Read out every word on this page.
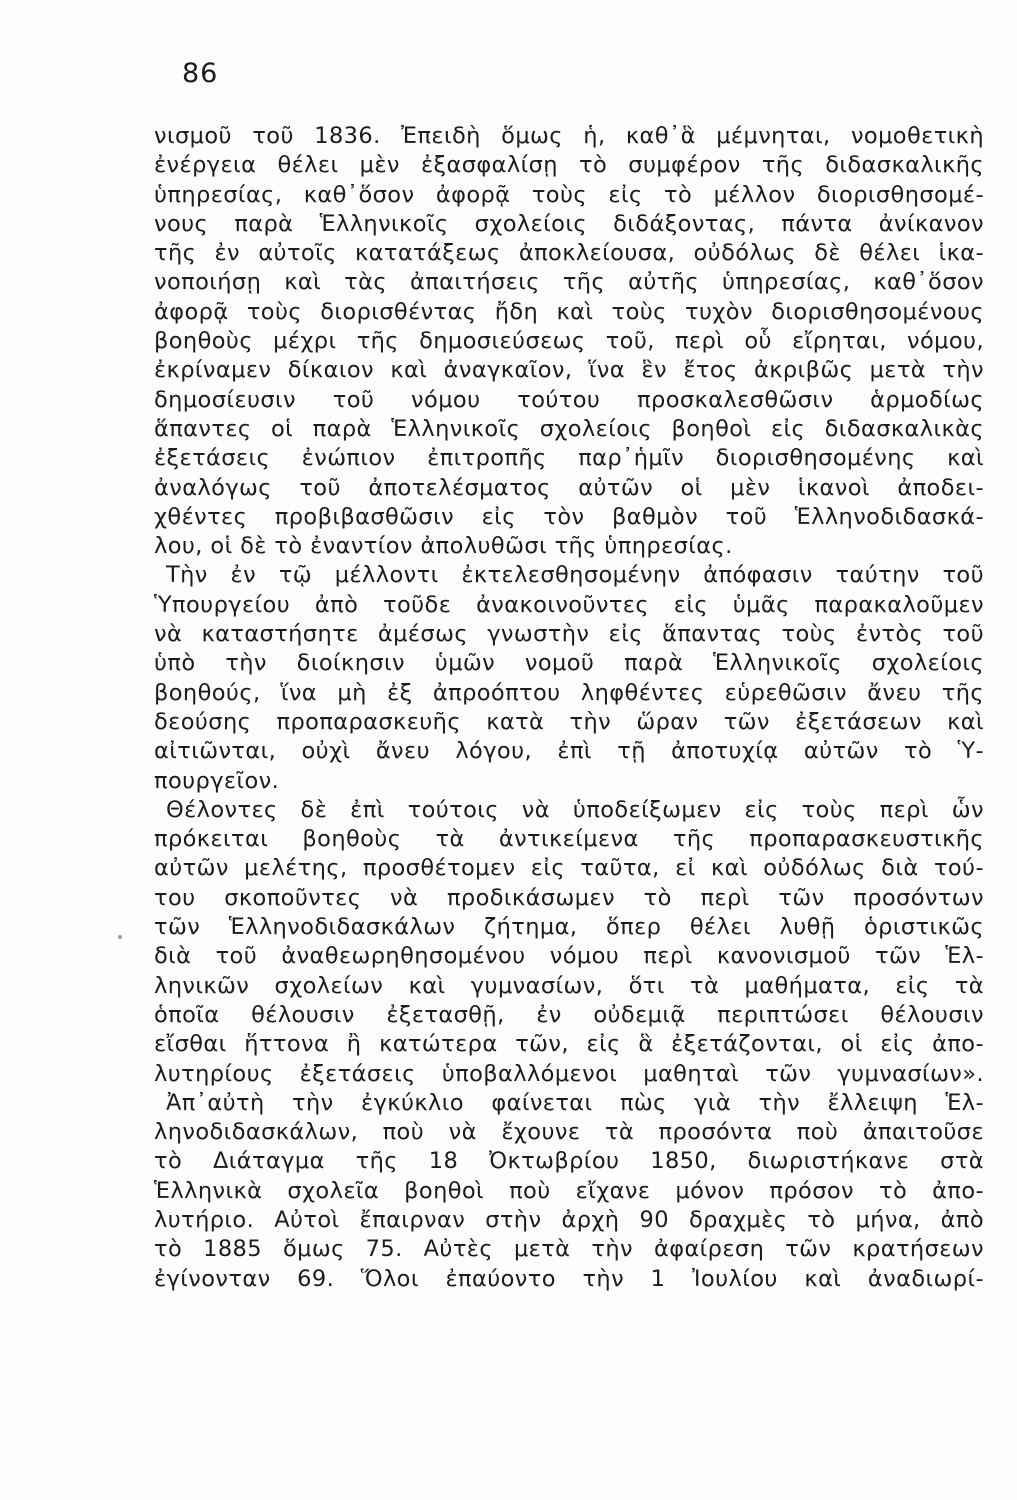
86
νισμοῦ τοῦ 1836. Ἐπειδὴ ὅμως ἡ, καθ᾽ἃ μέμνηται, νομοθετικὴ
ἐνέργεια θέλει μὲν ἐξασφαλίσῃ τὸ συμφέρον τῆς διδασκαλικῆς
ὑπηρεσίας, καθ᾽ὅσον ἀφορᾷ τοὺς εἰς τὸ μέλλον διορισθησομέ-
νους παρὰ Ἑλληνικοῖς σχολείοις διδάξοντας, πάντα ἀνίκανον
τῆς ἐν αὐτοῖς κατατάξεως ἀποκλείουσα, οὐδόλως δὲ θέλει ἱκα-
νοποιήσῃ καὶ τὰς ἀπαιτήσεις τῆς αὐτῆς ὑπηρεσίας, καθ᾽ὅσον
ἀφορᾷ τοὺς διορισθέντας ἤδη καὶ τοὺς τυχὸν διορισθησομένους
βοηθοὺς μέχρι τῆς δημοσιεύσεως τοῦ, περὶ οὗ εἴρηται, νόμου,
ἐκρίναμεν δίκαιον καὶ ἀναγκαῖον, ἵνα ἓν ἔτος ἀκριβῶς μετὰ τὴν
δημοσίευσιν τοῦ νόμου τούτου προσκαλεσθῶσιν ἁρμοδίως
ἅπαντες οἱ παρὰ Ἑλληνικοῖς σχολείοις βοηθοὶ εἰς διδασκαλικὰς
ἐξετάσεις ἐνώπιον ἐπιτροπῆς παρ᾽ἡμῖν διορισθησομένης καὶ
ἀναλόγως τοῦ ἀποτελέσματος αὐτῶν οἱ μὲν ἱκανοὶ ἀποδει-
χθέντες προβιβασθῶσιν εἰς τὸν βαθμὸν τοῦ Ἑλληνοδιδασκά-
λου, οἱ δὲ τὸ ἐναντίον ἀπολυθῶσι τῆς ὑπηρεσίας.
Τὴν ἐν τῷ μέλλοντι ἐκτελεσθησομένην ἀπόφασιν ταύτην τοῦ
Ὑπουργείου ἀπὸ τοῦδε ἀνακοινοῦντες εἰς ὑμᾶς παρακαλοῦμεν
νὰ καταστήσητε ἀμέσως γνωστὴν εἰς ἅπαντας τοὺς ἐντὸς τοῦ
ὑπὸ τὴν διοίκησιν ὑμῶν νομοῦ παρὰ Ἑλληνικοῖς σχολείοις
βοηθούς, ἵνα μὴ ἐξ ἀπροόπτου ληφθέντες εὑρεθῶσιν ἄνευ τῆς
δεούσης προπαρασκευῆς κατὰ τὴν ὥραν τῶν ἐξετάσεων καὶ
αἰτιῶνται, οὐχὶ ἄνευ λόγου, ἐπὶ τῇ ἀποτυχίᾳ αὐτῶν τὸ Ὑ-
πουργεῖον.
Θέλοντες δὲ ἐπὶ τούτοις νὰ ὑποδείξωμεν εἰς τοὺς περὶ ὧν
πρόκειται βοηθοὺς τὰ ἀντικείμενα τῆς προπαρασκευστικῆς
αὐτῶν μελέτης, προσθέτομεν εἰς ταῦτα, εἰ καὶ οὐδόλως διὰ τού-
του σκοποῦντες νὰ προδικάσωμεν τὸ περὶ τῶν προσόντων
τῶν Ἑλληνοδιδασκάλων ζήτημα, ὅπερ θέλει λυθῇ ὁριστικῶς
διὰ τοῦ ἀναθεωρηθησομένου νόμου περὶ κανονισμοῦ τῶν Ἑλ-
ληνικῶν σχολείων καὶ γυμνασίων, ὅτι τὰ μαθήματα, εἰς τὰ
ὁποῖα θέλουσιν ἐξετασθῇ, ἐν οὐδεμιᾷ περιπτώσει θέλουσιν
εἴσθαι ἥττονα ἢ κατώτερα τῶν, εἰς ἃ ἐξετάζονται, οἱ εἰς ἀπο-
λυτηρίους ἐξετάσεις ὑποβαλλόμενοι μαθηταὶ τῶν γυμνασίων».
Ἀπ᾽αὐτὴ τὴν ἐγκύκλιο φαίνεται πὼς γιὰ τὴν ἔλλειψη Ἑλ-
ληνοδιδασκάλων, ποὺ νὰ ἔχουνε τὰ προσόντα ποὺ ἀπαιτοῦσε
τὸ Διάταγμα τῆς 18 Ὀκτωβρίου 1850, διωριστήκανε στὰ
Ἑλληνικὰ σχολεῖα βοηθοὶ ποὺ εἴχανε μόνον πρόσον τὸ ἀπο-
λυτήριο. Αὐτοὶ ἔπαιρναν στὴν ἀρχὴ 90 δραχμὲς τὸ μήνα, ἀπὸ
τὸ 1885 ὅμως 75. Αὐτὲς μετὰ τὴν ἀφαίρεση τῶν κρατήσεων
ἐγίνονταν 69. Ὅλοι ἐπαύοντο τὴν 1 Ἰουλίου καὶ ἀναδιωρί-
